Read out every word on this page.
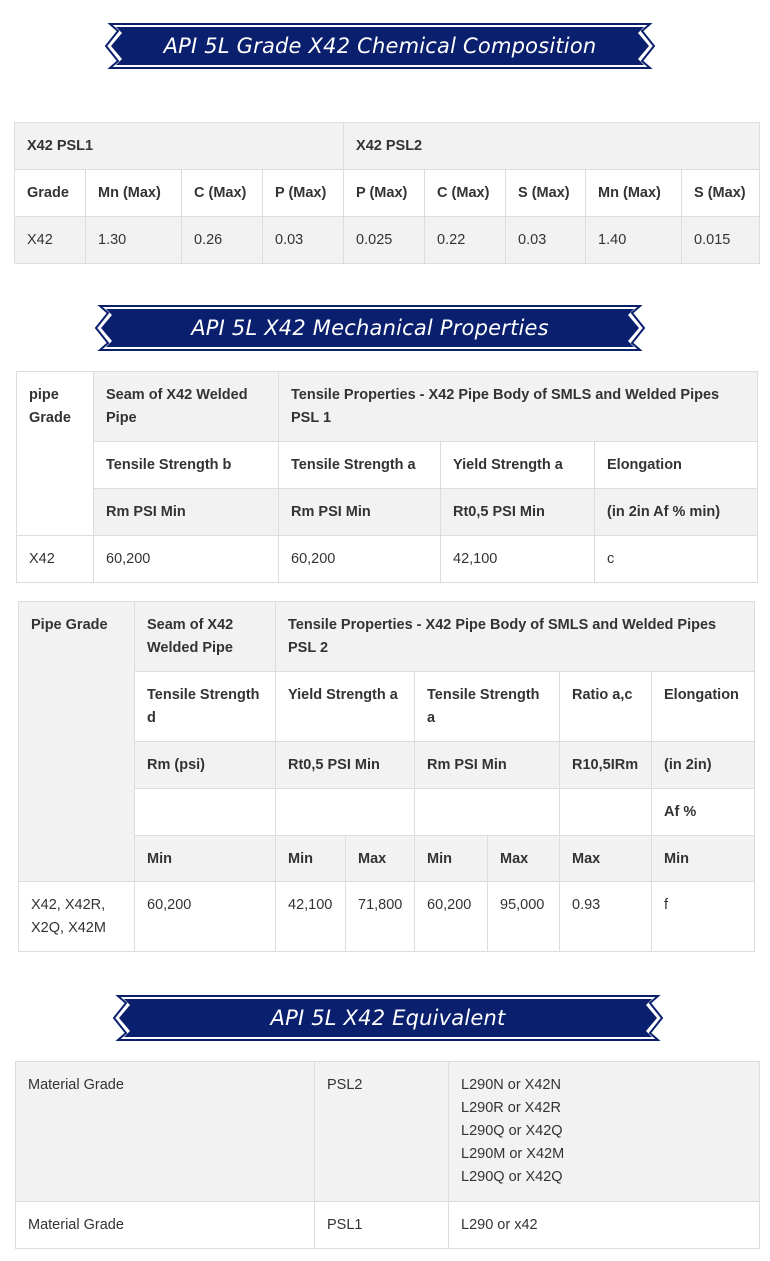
API 5L Grade X42 Chemical Composition
X42 PSL1				X42 PSL2				
Grade	Mn (Max)	C (Max)	P (Max)	P (Max)	C (Max)	S (Max)	Mn (Max)	S (Max)
X42	1.30	0.26	0.03	0.025	0.22	0.03	1.40	0.015
API 5L X42 Mechanical Properties
pipe Grade	Seam of X42 Welded Pipe	Tensile Properties - X42 Pipe Body of SMLS and Welded Pipes PSL 1		
	Tensile Strength b	Tensile Strength a	Yield Strength a	Elongation
	Rm PSI Min	Rm PSI Min	Rt0,5 PSI Min	(in 2in Af % min)
X42	60,200	60,200	42,100	c
Pipe Grade	Seam of X42 Welded Pipe	Tensile Properties - X42 Pipe Body of SMLS and Welded Pipes PSL 2					
	Tensile Strength d	Yield Strength a		Tensile Strength a		Ratio a,c	Elongation
	Rm (psi)	Rt0,5 PSI Min		Rm PSI Min		R10,5IRm	(in 2in)
							Af %
	Min	Min	Max	Min	Max	Max	Min
X42, X42R, X2Q, X42M	60,200	42,100	71,800	60,200	95,000	0.93	f
API 5L X42 Equivalent
Material Grade	PSL2	L290N or X42N
L290R or X42R
L290Q or X42Q
L290M or X42M
L290Q or X42Q

Material Grade	PSL1	L290 or x42
